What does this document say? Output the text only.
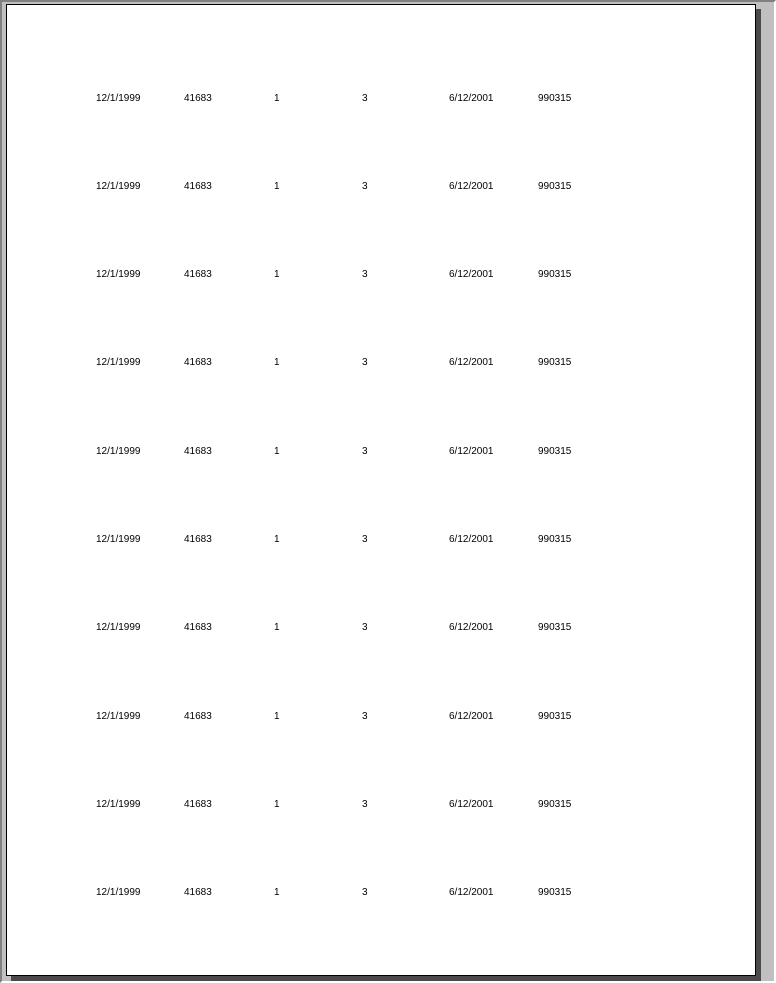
12/1/1999	41683	1	3	6/12/2001	990315
12/1/1999	41683	1	3	6/12/2001	990315
12/1/1999	41683	1	3	6/12/2001	990315
12/1/1999	41683	1	3	6/12/2001	990315
12/1/1999	41683	1	3	6/12/2001	990315
12/1/1999	41683	1	3	6/12/2001	990315
12/1/1999	41683	1	3	6/12/2001	990315
12/1/1999	41683	1	3	6/12/2001	990315
12/1/1999	41683	1	3	6/12/2001	990315
12/1/1999	41683	1	3	6/12/2001	990315
